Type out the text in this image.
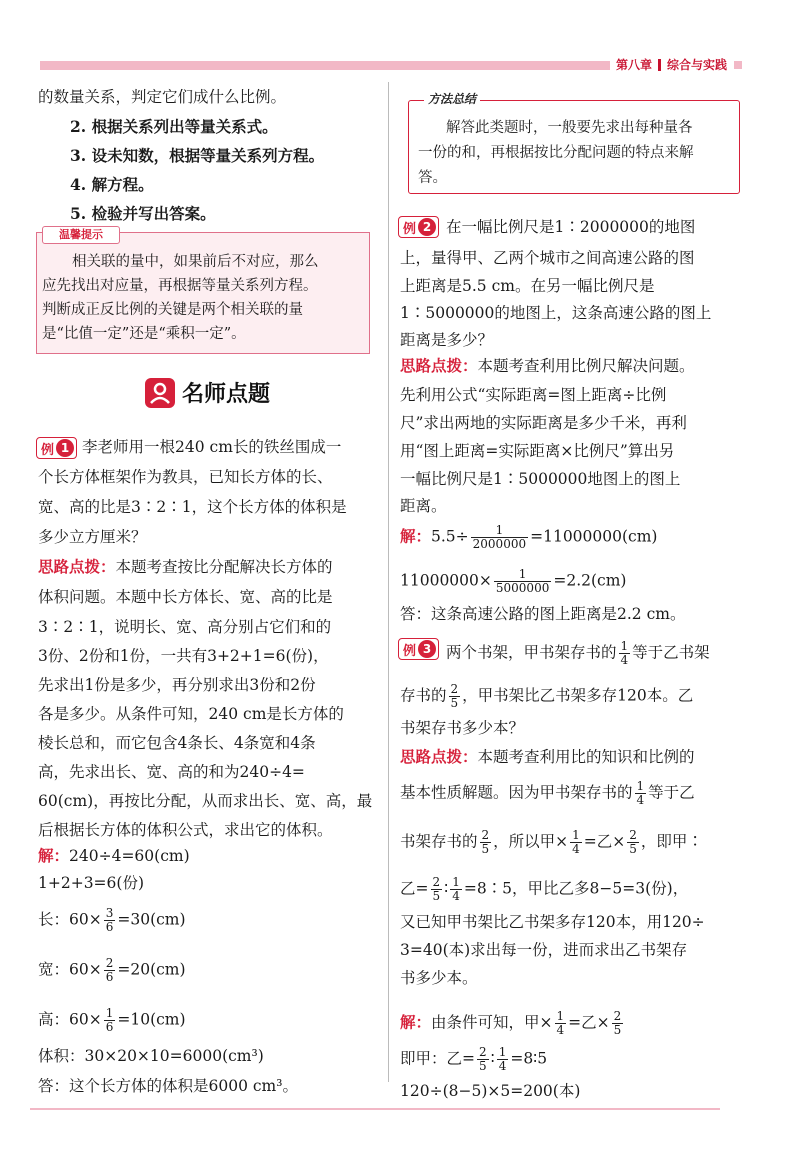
第八章 综合与实践
的数量关系，判定它们成什么比例。
2. 根据关系列出等量关系式。
3. 设未知数，根据等量关系列方程。
4. 解方程。
5. 检验并写出答案。
温馨提示
相关联的量中，如果前后不对应，那么
应先找出对应量，再根据等量关系列方程。
判断成正反比例的关键是两个相关联的量
是“比值一定”还是“乘积一定”。
名师点题
例 1 李老师用一根240 cm长的铁丝围成一
个长方体框架作为教具，已知长方体的长、
宽、高的比是3∶2∶1，这个长方体的体积是
多少立方厘米？
思路点拨：本题考查按比分配解决长方体的
体积问题。本题中长方体长、宽、高的比是
3∶2∶1，说明长、宽、高分别占它们和的
3份、2份和1份，一共有3+2+1=6(份)，
先求出1份是多少，再分别求出3份和2份
各是多少。从条件可知，240 cm是长方体的
棱长总和，而它包含4条长、4条宽和4条
高，先求出长、宽、高的和为240÷4=
60(cm)，再按比分配，从而求出长、宽、高，最
后根据长方体的体积公式，求出它的体积。
解：240÷4=60(cm)
1+2+3=6(份)
长：$60\times \frac{3}{6} =30(cm)$
宽：$60\times \frac{2}{6} =20(cm)$
高：$60\times \frac{1}{6} =10(cm)$
体积：30×20×10=6000(cm³)
答：这个长方体的体积是6000 cm³。
方法总结
解答此类题时，一般要先求出每种量各
一份的和，再根据按比分配问题的特点来解
答。
例 2 在一幅比例尺是1∶2000000的地图
上，量得甲、乙两个城市之间高速公路的图
上距离是5.5 cm。在另一幅比例尺是
1∶5000000的地图上，这条高速公路的图上
距离是多少？
思路点拨：本题考查利用比例尺解决问题。
先利用公式“实际距离=图上距离÷比例
尺”求出两地的实际距离是多少千米，再利
用“图上距离=实际距离×比例尺”算出另
一幅比例尺是1∶5000000地图上的图上
距离。
解：$5.5\div \frac{1}{2000000} =11000000(cm)$
$11000000\times \frac{1}{5000000} =2.2(cm)$
答：这条高速公路的图上距离是2.2 cm。
例 3 两个书架，甲书架存书的 $\frac{1}{4}$ 等于乙书架
存书的 $\frac{2}{5}$ ，甲书架比乙书架多存120本。乙
书架存书多少本？
思路点拨：本题考查利用比的知识和比例的
基本性质解题。因为甲书架存书的 $\frac{1}{4}$ 等于乙
书架存书的 $\frac{2}{5}$ ，所以甲× $\frac{1}{4}$ =乙× $\frac{2}{5}$ ，即甲∶
乙= $\frac{2}{5}$ ∶ $\frac{1}{4}$ =8∶5，甲比乙多8−5=3(份)，
又已知甲书架比乙书架多存120本，用120÷
3=40(本)求出每一份，进而求出乙书架存
书多少本。
解：由条件可知，甲× $\frac{1}{4}$ =乙× $\frac{2}{5}$
即甲：乙= $\frac{2}{5}$ ∶ $\frac{1}{4}$ =8∶5
120÷(8−5)×5=200(本)
